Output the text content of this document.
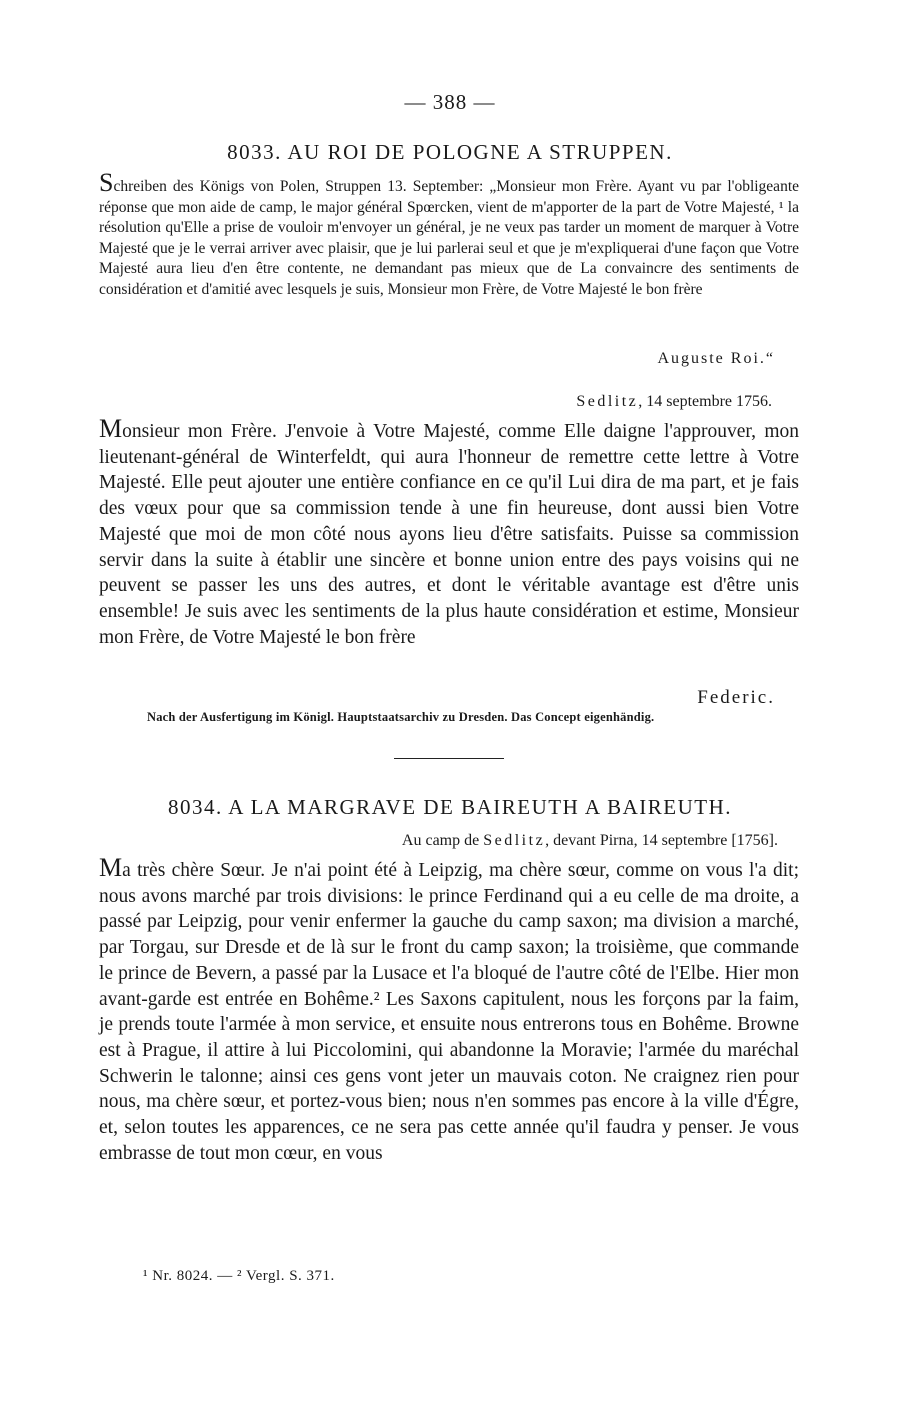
— 388 —
8033. AU ROI DE POLOGNE A STRUPPEN.
Schreiben des Königs von Polen, Struppen 13. September: „Monsieur mon Frère. Ayant vu par l'obligeante réponse que mon aide de camp, le major général Spœrcken, vient de m'apporter de la part de Votre Majesté, ¹ la résolution qu'Elle a prise de vouloir m'envoyer un général, je ne veux pas tarder un moment de marquer à Votre Majesté que je le verrai arriver avec plaisir, que je lui parlerai seul et que je m'expliquerai d'une façon que Votre Majesté aura lieu d'en être contente, ne demandant pas mieux que de La convaincre des sentiments de considération et d'amitié avec lesquels je suis, Monsieur mon Frère, de Votre Majesté le bon frère
Auguste Roi.“
Sedlitz, 14 septembre 1756.
Monsieur mon Frère. J'envoie à Votre Majesté, comme Elle daigne l'approuver, mon lieutenant-général de Winterfeldt, qui aura l'honneur de remettre cette lettre à Votre Majesté. Elle peut ajouter une entière confiance en ce qu'il Lui dira de ma part, et je fais des vœux pour que sa commission tende à une fin heureuse, dont aussi bien Votre Majesté que moi de mon côté nous ayons lieu d'être satisfaits. Puisse sa commission servir dans la suite à établir une sincère et bonne union entre des pays voisins qui ne peuvent se passer les uns des autres, et dont le véritable avantage est d'être unis ensemble! Je suis avec les sentiments de la plus haute considération et estime, Monsieur mon Frère, de Votre Majesté le bon frère
Federic.
Nach der Ausfertigung im Königl. Hauptstaatsarchiv zu Dresden. Das Concept eigenhändig.
8034. A LA MARGRAVE DE BAIREUTH A BAIREUTH.
Au camp de Sedlitz, devant Pirna, 14 septembre [1756].
Ma très chère Sœur. Je n'ai point été à Leipzig, ma chère sœur, comme on vous l'a dit; nous avons marché par trois divisions: le prince Ferdinand qui a eu celle de ma droite, a passé par Leipzig, pour venir enfermer la gauche du camp saxon; ma division a marché, par Torgau, sur Dresde et de là sur le front du camp saxon; la troisième, que commande le prince de Bevern, a passé par la Lusace et l'a bloqué de l'autre côté de l'Elbe. Hier mon avant-garde est entrée en Bohême.² Les Saxons capitulent, nous les forçons par la faim, je prends toute l'armée à mon service, et ensuite nous entrerons tous en Bohême. Browne est à Prague, il attire à lui Piccolomini, qui abandonne la Moravie; l'armée du maréchal Schwerin le talonne; ainsi ces gens vont jeter un mauvais coton. Ne craignez rien pour nous, ma chère sœur, et portez-vous bien; nous n'en sommes pas encore à la ville d'Égre, et, selon toutes les apparences, ce ne sera pas cette année qu'il faudra y penser. Je vous embrasse de tout mon cœur, en vous
¹ Nr. 8024. — ² Vergl. S. 371.
